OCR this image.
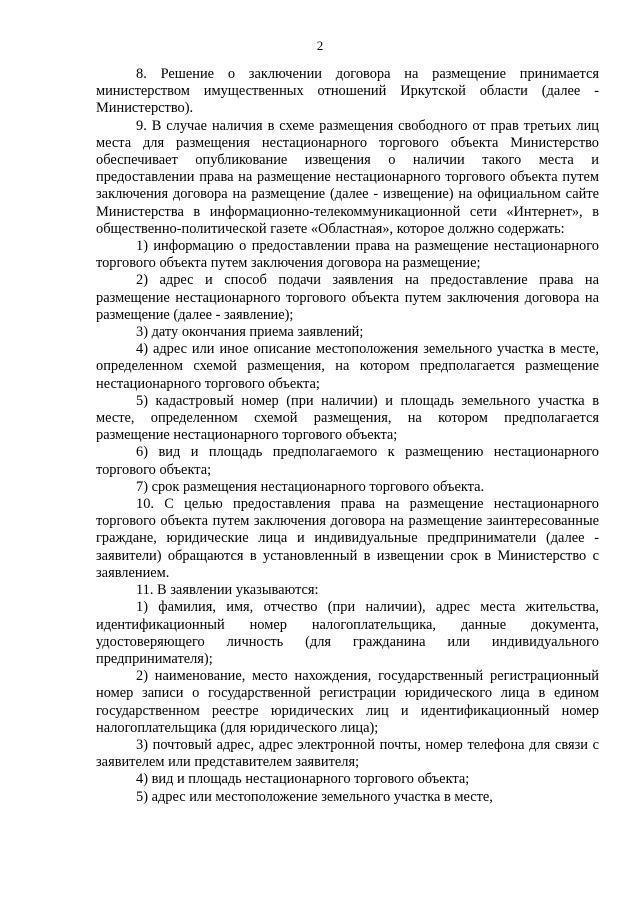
2

8. Решение о заключении договора на размещение принимается министерством имущественных отношений Иркутской области (далее - Министерство).

9. В случае наличия в схеме размещения свободного от прав третьих лиц места для размещения нестационарного торгового объекта Министерство обеспечивает опубликование извещения о наличии такого места и предоставлении права на размещение нестационарного торгового объекта путем заключения договора на размещение (далее - извещение) на официальном сайте Министерства в информационно-телекоммуникационной сети «Интернет», в общественно-политической газете «Областная», которое должно содержать:

1) информацию о предоставлении права на размещение нестационарного торгового объекта путем заключения договора на размещение;

2) адрес и способ подачи заявления на предоставление права на размещение нестационарного торгового объекта путем заключения договора на размещение (далее - заявление);

3) дату окончания приема заявлений;

4) адрес или иное описание местоположения земельного участка в месте, определенном схемой размещения, на котором предполагается размещение нестационарного торгового объекта;

5) кадастровый номер (при наличии) и площадь земельного участка в месте, определенном схемой размещения, на котором предполагается размещение нестационарного торгового объекта;

6) вид и площадь предполагаемого к размещению нестационарного торгового объекта;

7) срок размещения нестационарного торгового объекта.

10. С целью предоставления права на размещение нестационарного торгового объекта путем заключения договора на размещение заинтересованные граждане, юридические лица и индивидуальные предприниматели (далее - заявители) обращаются в установленный в извещении срок в Министерство с заявлением.

11. В заявлении указываются:

1) фамилия, имя, отчество (при наличии), адрес места жительства, идентификационный номер налогоплательщика, данные документа, удостоверяющего личность (для гражданина или индивидуального предпринимателя);

2) наименование, место нахождения, государственный регистрационный номер записи о государственной регистрации юридического лица в едином государственном реестре юридических лиц и идентификационный номер налогоплательщика (для юридического лица);

3) почтовый адрес, адрес электронной почты, номер телефона для связи с заявителем или представителем заявителя;

4) вид и площадь нестационарного торгового объекта;

5) адрес или местоположение земельного участка в месте,
